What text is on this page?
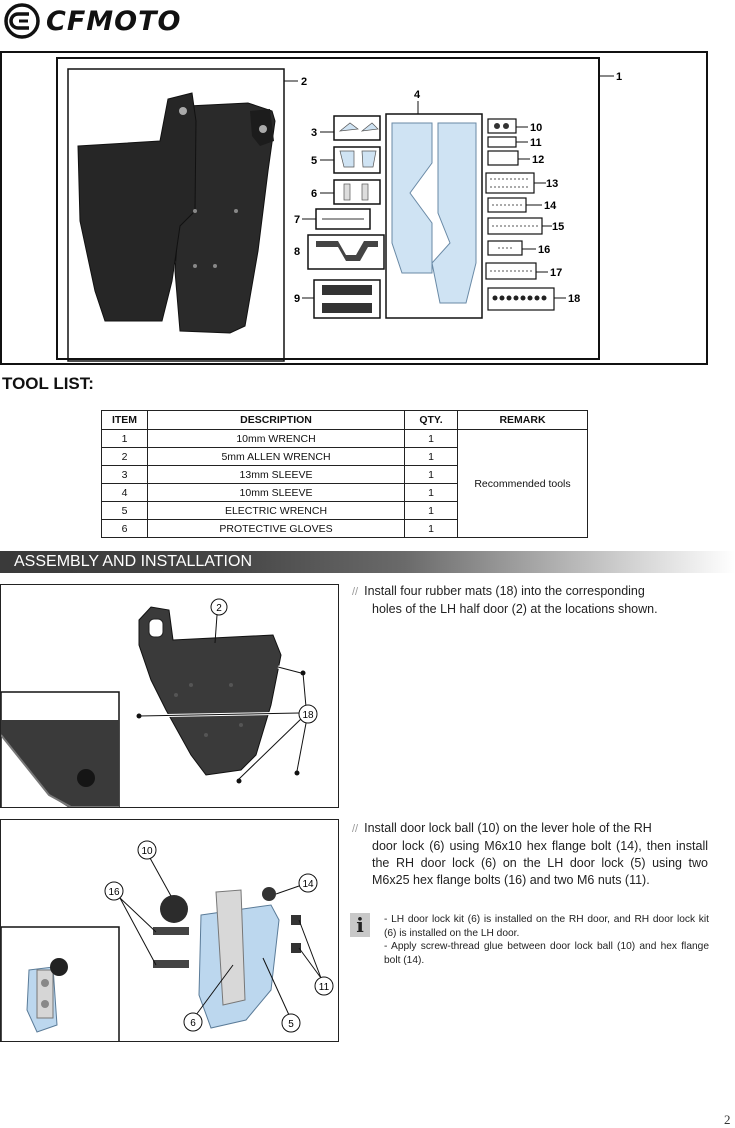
CFMOTO
2	1
3
5
6
7
8
9
4
10
11
12
13
14
15
16
17
18
TOOL LIST:
ITEM	DESCRIPTION	QTY.	REMARK
1	10mm WRENCH	1	Recommended tools
2	5mm ALLEN WRENCH	1	
3	13mm SLEEVE	1	
4	10mm SLEEVE	1	
5	ELECTRIC WRENCH	1	
6	PROTECTIVE GLOVES	1	
ASSEMBLY AND INSTALLATION
2
18
// Install four rubber mats (18) into the corresponding
holes of the LH half door (2) at the locations shown.
10
14
16
11
6	5
// Install door lock ball (10) on the lever hole of the RH
door lock (6) using M6x10 hex flange bolt (14), then install the RH door lock (6) on the LH door lock (5) using two M6x25 hex flange bolts (16) and two M6 nuts (11).
i	- LH door lock kit (6) is installed on the RH door, and RH door lock kit (6) is installed on the LH door.
- Apply screw-thread glue between door lock ball (10) and hex flange bolt (14).
2
